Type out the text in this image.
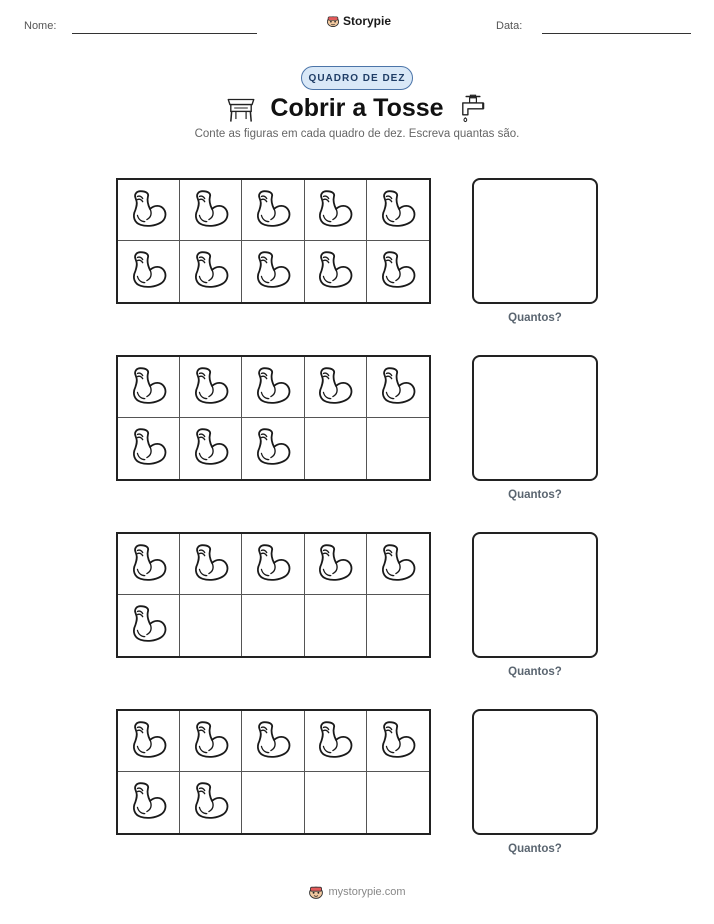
Nome:	Storypie	Data:
QUADRO DE DEZ
Cobrir a Tosse
Conte as figuras em cada quadro de dez. Escreva quantas são.
Quantos?
Quantos?
Quantos?
Quantos?
mystorypie.com
